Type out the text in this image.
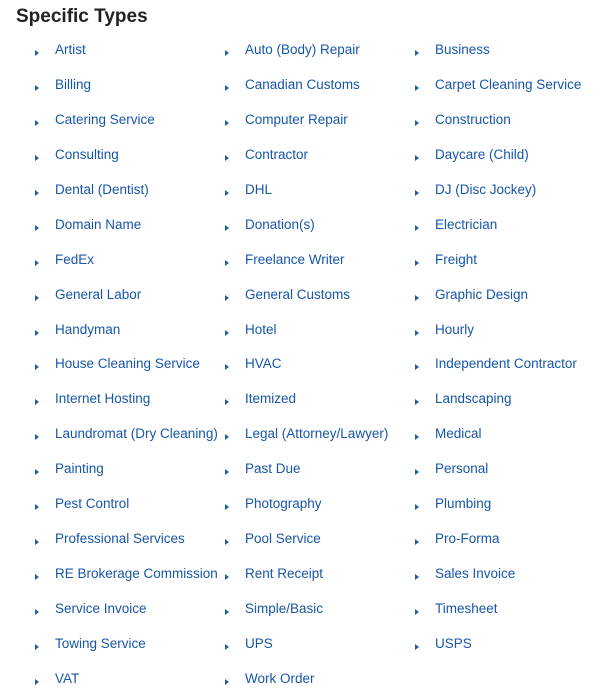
Specific Types
Artist
Billing
Catering Service
Consulting
Dental (Dentist)
Domain Name
FedEx
General Labor
Handyman
House Cleaning Service
Internet Hosting
Laundromat (Dry Cleaning)
Painting
Pest Control
Professional Services
RE Brokerage Commission
Service Invoice
Towing Service
VAT
Auto (Body) Repair
Canadian Customs
Computer Repair
Contractor
DHL
Donation(s)
Freelance Writer
General Customs
Hotel
HVAC
Itemized
Legal (Attorney/Lawyer)
Past Due
Photography
Pool Service
Rent Receipt
Simple/Basic
UPS
Work Order
Business
Carpet Cleaning Service
Construction
Daycare (Child)
DJ (Disc Jockey)
Electrician
Freight
Graphic Design
Hourly
Independent Contractor
Landscaping
Medical
Personal
Plumbing
Pro-Forma
Sales Invoice
Timesheet
USPS
